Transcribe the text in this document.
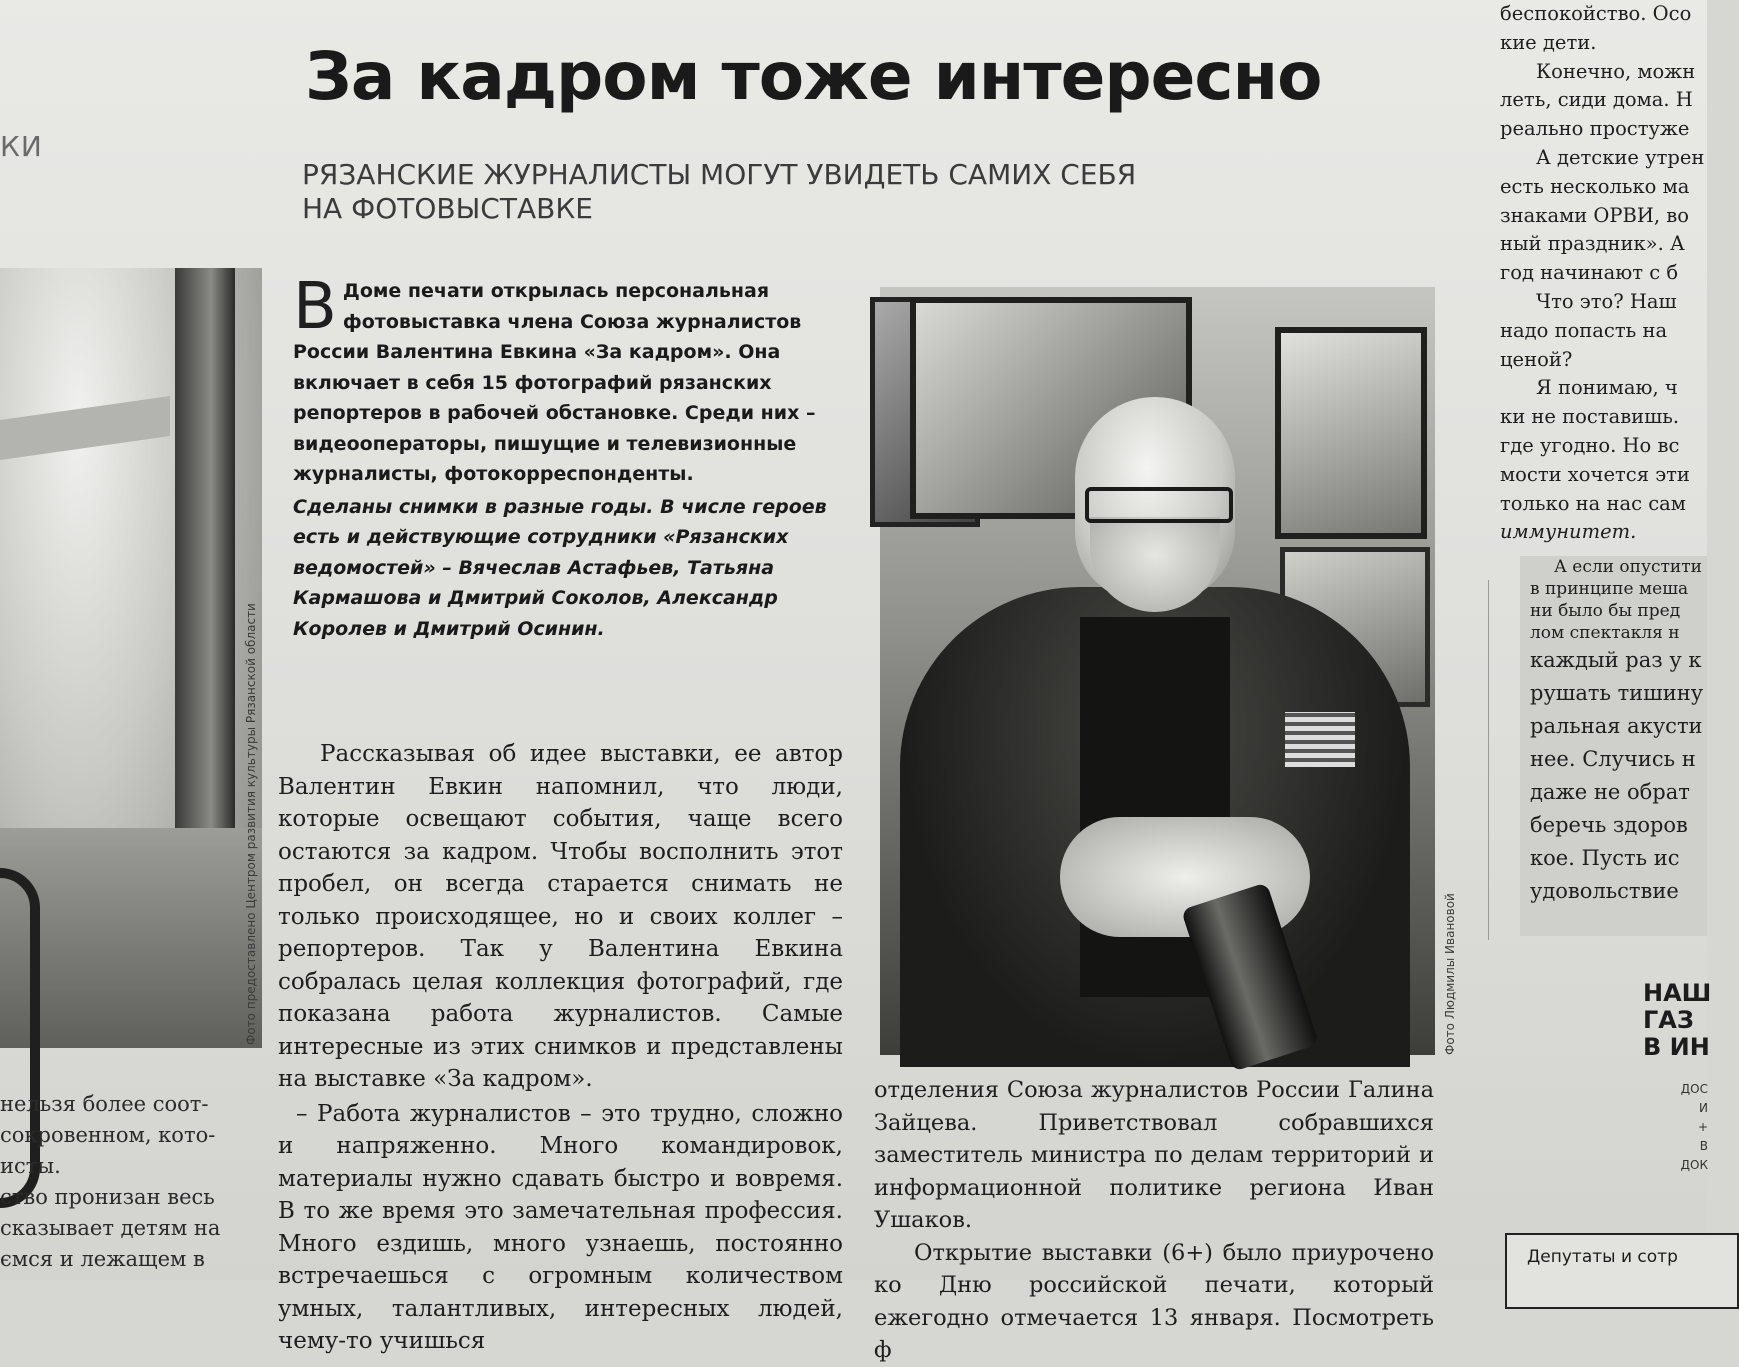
КИ
Фото предоставлено Центром развития культуры Рязанской области
нельзя более соот-
сокровенном, кото-
исты.
ство пронизан весь
сказывает детям на
ємся и лежащем в
За кадром тоже интересно
РЯЗАНСКИЕ ЖУРНАЛИСТЫ МОГУТ УВИДЕТЬ САМИХ СЕБЯ
НА ФОТОВЫСТАВКЕ
В Доме печати открылась персональная фотовыставка члена Союза журналистов России Валентина Евкина «За кадром». Она включает в себя 15 фотографий рязанских репортеров в рабочей обстановке. Среди них – видеооператоры, пишущие и телевизионные журналисты, фотокорреспонденты.

Сделаны снимки в разные годы. В числе героев есть и действующие сотрудники «Рязанских ведомостей» – Вячеслав Астафьев, Татьяна Кармашова и Дмитрий Соколов, Александр Королев и Дмитрий Осинин.

Рассказывая об идее выставки, ее автор Валентин Евкин напомнил, что люди, которые освещают события, чаще всего остаются за кадром. Чтобы восполнить этот пробел, он всегда старается снимать не только происходящее, но и своих коллег – репортеров. Так у Валентина Евкина собралась целая коллекция фотографий, где показана работа журналистов. Самые интересные из этих снимков и представлены на выставке «За кадром».

– Работа журналистов – это трудно, сложно и напряженно. Много командировок, материалы нужно сдавать быстро и вовремя. В то же время это замечательная профессия. Много ездишь, много узнаешь, постоянно встречаешься с огромным количеством умных, талантливых, интересных людей, чему-то учишься

Фото Людмилы Ивановой

отделения Союза журналистов России Галина Зайцева. Приветствовал собравшихся заместитель министра по делам территорий и информационной политике региона Иван Ушаков.

Открытие выставки (6+) было приурочено ко Дню российской печати, который ежегодно отмечается 13 января. Посмотреть ф

беспокойство. Осо
кие дети.
Конечно, можн
леть, сиди дома. Н
реально простуже
А детские утрен
есть несколько ма
знаками ОРВИ, во
ный праздник». А
год начинают с б
Что это? Наш
надо попасть на
ценой?
Я понимаю, ч
ки не поставишь.
где угодно. Но вс
мости хочется эти
только на нас сам
иммунитет.
А если опустити
в принципе меша
ни было бы пред
лом спектакля н
каждый раз у к
рушать тишину
ральная акусти
нее. Случись н
даже не обрат
беречь здоров
кое. Пусть ис
удовольствие
НАШ
ГАЗ
В ИН
ДОС
И
+
В
ДОК
Депутаты и сотр
